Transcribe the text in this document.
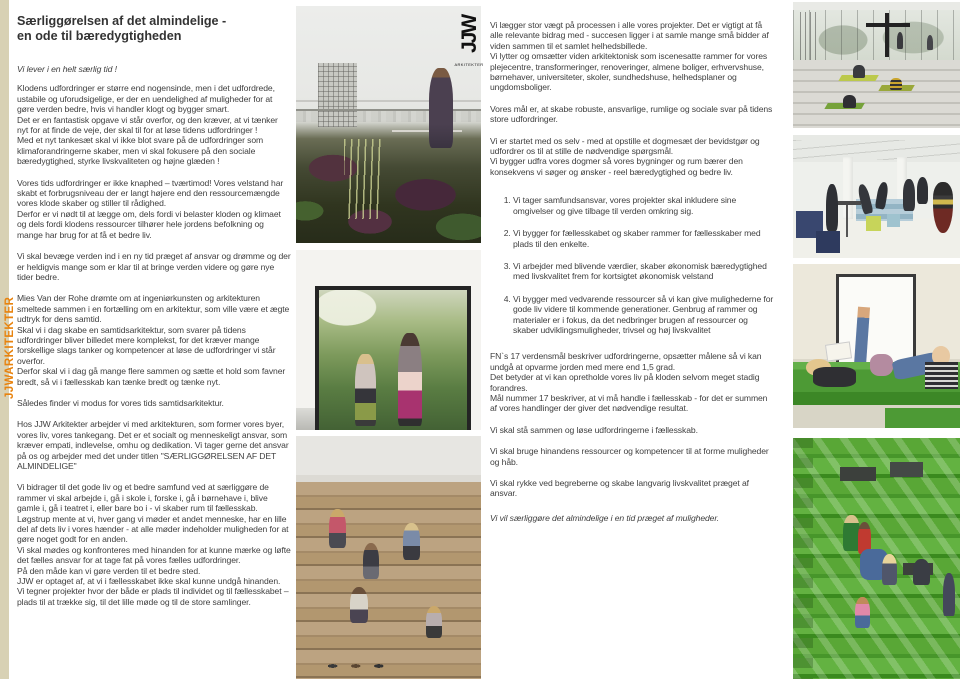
JJWARKITEKTER
Særliggørelsen af det almindelige -
en ode til bæredygtigheden

Vi lever i en helt særlig tid !

Klodens udfordringer er større end nogensinde, men i det udfordrede, ustabile og uforudsigelige, er der en uendelighed af muligheder for at gøre verden bedre, hvis vi handler klogt og bygger smart.

Det er en fantastisk opgave vi står overfor, og den kræver, at vi tænker nyt for at finde de veje, der skal til for at løse tidens udfordringer !

Med et nyt tankesæt skal vi ikke blot svare på de udfordringer som klimaforandringerne skaber, men vi skal fokusere på den sociale bæredygtighed, styrke livskvaliteten og højne glæden !

Vores tids udfordringer er ikke knaphed – tværtimod! Vores velstand har skabt et forbrugsniveau der er langt højere end den ressourcemængde vores klode skaber og stiller til rådighed.

Derfor er vi nødt til at lægge om, dels fordi vi belaster kloden og klimaet og dels fordi klodens ressourcer tilhører hele jordens befolkning og mange har brug for at få et bedre liv.

Vi skal bevæge verden ind i en ny tid præget af ansvar og drømme og der er heldigvis mange som er klar til at bringe verden videre og gøre nye tider bedre.

Mies Van der Rohe drømte om at ingeniørkunsten og arkitekturen smeltede sammen i en fortælling om en arkitektur, som ville være et ægte udtryk for dens samtid.

Skal vi i dag skabe en samtidsarkitektur, som svarer på tidens udfordringer bliver billedet mere komplekst, for det kræver mange forskellige slags tanker og kompetencer at løse de udfordringer vi står overfor.

Derfor skal vi i dag gå mange flere sammen og sætte et hold som favner bredt, så vi i fællesskab kan tænke bredt og tænke nyt.

Således finder vi modus for vores tids samtidsarkitektur.

Hos JJW Arkitekter arbejder vi med arkitekturen, som former vores byer, vores liv, vores tankegang. Det er et socialt og menneskeligt ansvar, som kræver empati, indlevelse, omhu og dedikation. Vi tager gerne det ansvar på os og arbejder med det under titlen "SÆRLIGGØRELSEN AF DET ALMINDELIGE"

Vi bidrager til det gode liv og et bedre samfund ved at særliggøre de rammer vi skal arbejde i, gå i skole i, forske i, gå i børnehave i, blive gamle i, gå i teatret i, eller bare bo i - vi skaber rum til fællesskab.

Løgstrup mente at vi, hver gang vi møder et andet menneske, har en lille del af dets liv i vores hænder - at alle møder indeholder muligheden for at gøre noget godt for en anden.

Vi skal mødes og konfronteres med hinanden for at kunne mærke og løfte det fælles ansvar for at tage fat på vores fælles udfordringer.

På den måde kan vi gøre verden til et bedre sted.

JJW er optaget af, at vi i fællesskabet ikke skal kunne undgå hinanden.

Vi tegner projekter hvor der både er plads til individet og til fællesskabet – plads til at trække sig, til det lille møde og til de store samlinger.

JJW
ARKITEKTER

Vi lægger stor vægt på processen i alle vores projekter. Det er vigtigt at få alle relevante bidrag med - succesen ligger i at samle mange små bidder af viden sammen til et samlet helhedsbillede.

Vi lytter og omsætter viden arkitektonisk som iscenesatte rammer for vores plejecentre, transformeringer, renoveringer, almene boliger, erhvervshuse, børnehaver, universiteter, skoler, sundhedshuse, helhedsplaner og ungdomsboliger.

Vores mål er, at skabe robuste, ansvarlige, rumlige og sociale svar på tidens store udfordringer.

Vi er startet med os selv - med at opstille et dogmesæt der bevidstgør og udfordrer os til at stille de nødvendige spørgsmål.

Vi bygger udfra vores dogmer så vores bygninger og rum bærer den konsekvens vi søger og ønsker - reel bæredygtighed og bedre liv.

1. Vi tager samfundsansvar, vores projekter skal inkludere sine omgivelser og give tilbage til verden omkring sig.
2. Vi bygger for fællesskabet og skaber rammer for fællesskaber med plads til den enkelte.
3. Vi arbejder med blivende værdier, skaber økonomisk bæredygtighed med livskvalitet frem for kortsigtet økonomisk velstand
4. Vi bygger med vedvarende ressourcer så vi kan give mulighederne for gode liv videre til kommende generationer. Genbrug af rammer og materialer er i fokus, da det nedbringer brugen af ressourcer og skaber udviklingsmuligheder, trivsel og høj livskvalitet

FN`s 17 verdensmål beskriver udfordringerne, opsætter målene så vi kan undgå at opvarme jorden med mere end 1,5 grad.

Det betyder at vi kan opretholde vores liv på kloden selvom meget stadig forandres.

Mål nummer 17 beskriver, at vi må handle i fællesskab - for det er summen af vores handlinger der giver det nødvendige resultat.

Vi skal stå sammen og løse udfordringerne i fællesskab.

Vi skal bruge hinandens ressourcer og kompetencer til at forme muligheder og håb.

Vi skal rykke ved begreberne og skabe langvarig livskvalitet præget af ansvar.

Vi vil særliggøre det almindelige i en tid præget af muligheder.
